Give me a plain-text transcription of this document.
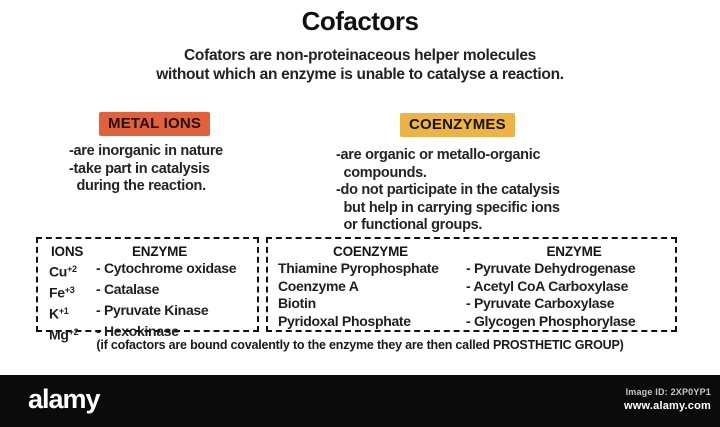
Cofactors
Cofators are non-proteinaceous helper molecules
without which an enzyme is unable to catalyse a reaction.
METAL IONS
-are inorganic in nature
-take part in catalysis
during the reaction.
COENZYMES
-are organic or metallo-organic
compounds.
-do not participate in the catalysis
but help in carrying specific ions
or functional groups.
IONS	ENZYME
$Cu^{+2}$	- Cytochrome oxidase
$Fe^{+3}$	- Catalase
$K^{+1}$	- Pyruvate Kinase
$Mg^{+2}$	- Hexokinase
COENZYME	ENZYME
Thiamine Pyrophosphate	- Pyruvate Dehydrogenase
Coenzyme A	- Acetyl CoA Carboxylase
Biotin	- Pyruvate Carboxylase
Pyridoxal Phosphate	- Glycogen Phosphorylase
(if cofactors are bound covalently to the enzyme they are then called PROSTHETIC GROUP)
alamy	Image ID: 2XP0YP1
www.alamy.com
